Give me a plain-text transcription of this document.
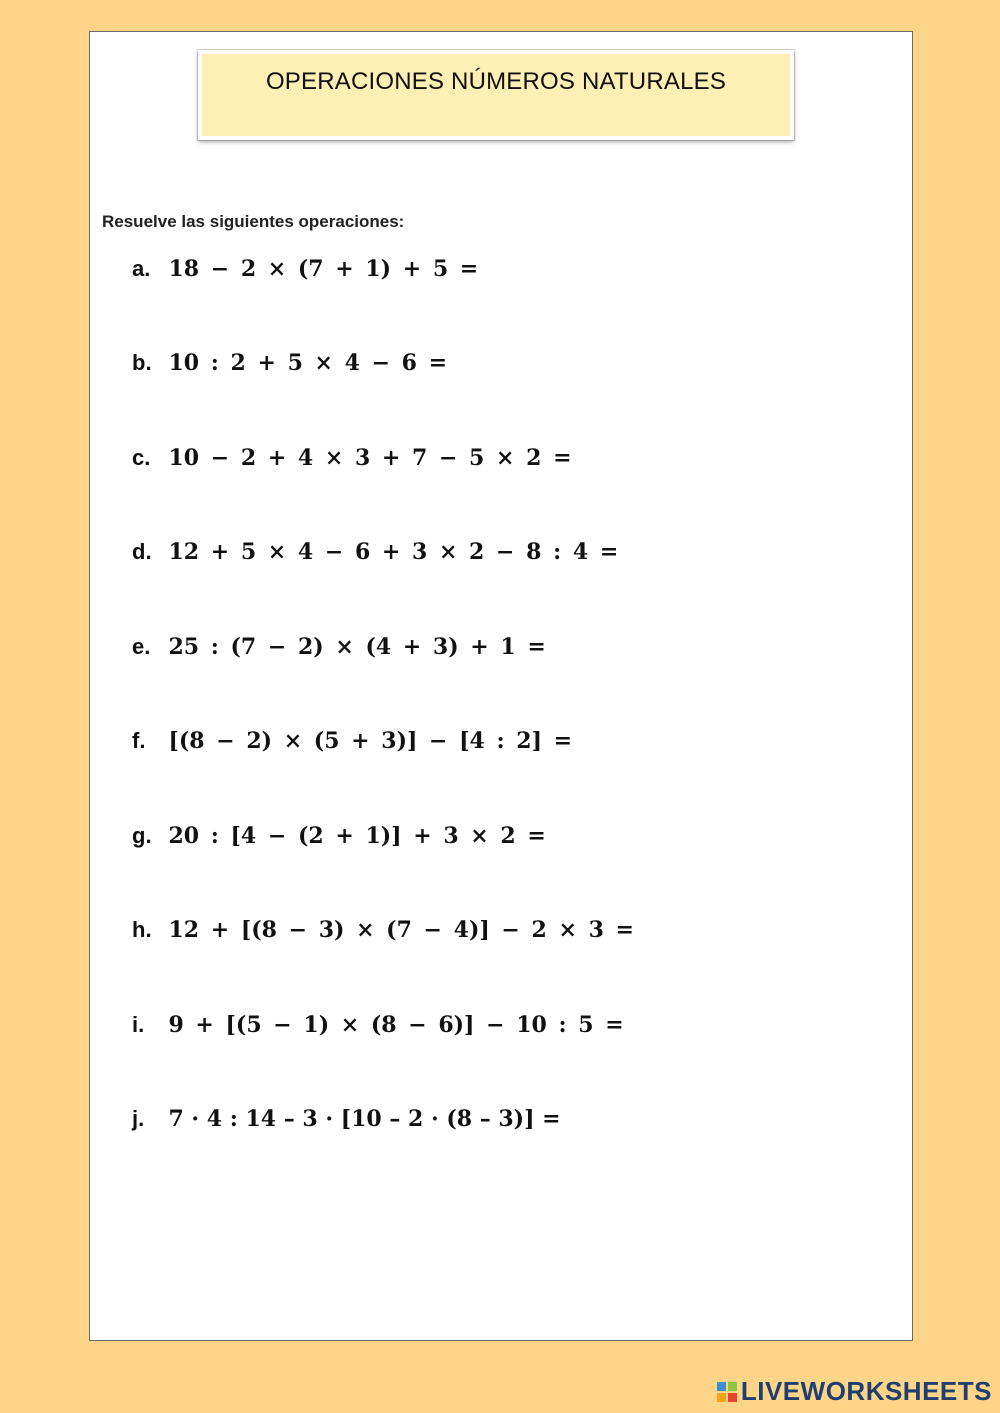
OPERACIONES NÚMEROS NATURALES
Resuelve las siguientes operaciones:
a. 18 − 2 × (7 + 1) + 5 =
b. 10 : 2 + 5 × 4 − 6 =
c. 10 − 2 + 4 × 3 + 7 − 5 × 2 =
d. 12 + 5 × 4 − 6 + 3 × 2 − 8 : 4 =
e. 25 : (7 − 2) × (4 + 3) + 1 =
f. [(8 − 2) × (5 + 3)] − [4 : 2] =
g. 20 : [4 − (2 + 1)] + 3 × 2 =
h. 12 + [(8 − 3) × (7 − 4)] − 2 × 3 =
i. 9 + [(5 − 1) × (8 − 6)] − 10 : 5 =
j. 7 · 4 : 14 – 3 · [10 – 2 · (8 – 3)] =
LIVEWORKSHEETS
